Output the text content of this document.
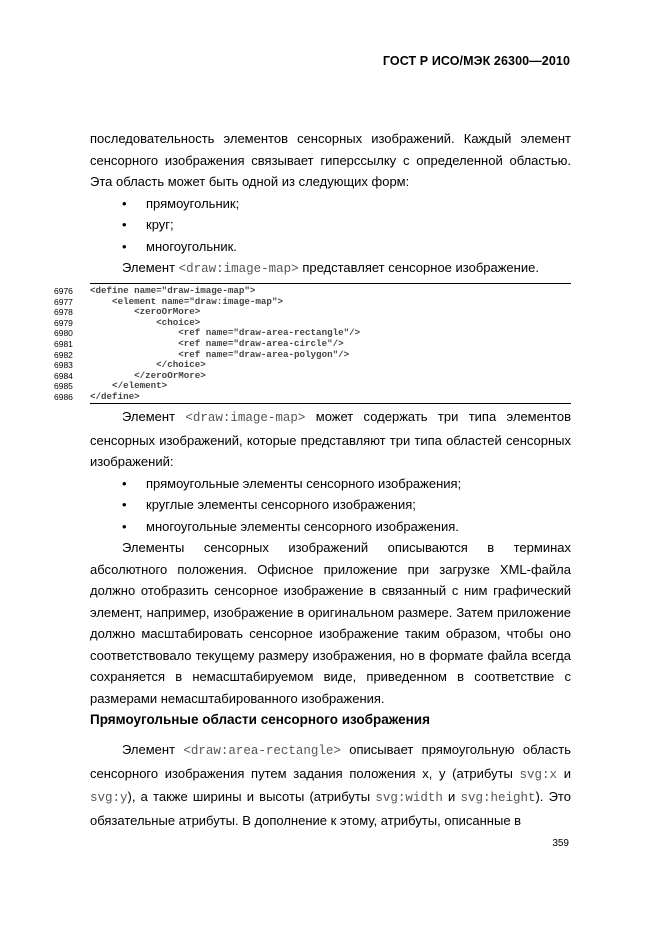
ГОСТ Р ИСО/МЭК 26300—2010

последовательность элементов сенсорных изображений. Каждый элемент сенсорного изображения связывает гиперссылку с определенной областью. Эта область может быть одной из следующих форм:

• прямоугольник;
• круг;
• многоугольник.

Элемент <draw:image-map> представляет сенсорное изображение.

6976	<define name="draw-image-map">
6977	<element name="draw:image-map">
6978	<zeroOrMore>
6979	<choice>
6980	<ref name="draw-area-rectangle"/>
6981	<ref name="draw-area-circle"/>
6982	<ref name="draw-area-polygon"/>
6983	</choice>
6984	</zeroOrMore>
6985	</element>
6986	</define>

Элемент <draw:image-map> может содержать три типа элементов сенсорных изображений, которые представляют три типа областей сенсорных изображений:

• прямоугольные элементы сенсорного изображения;
• круглые элементы сенсорного изображения;
• многоугольные элементы сенсорного изображения.

Элементы сенсорных изображений описываются в терминах абсолютного положения. Офисное приложение при загрузке XML-файла должно отобразить сенсорное изображение в связанный с ним графический элемент, например, изображение в оригинальном размере. Затем приложение должно масштабировать сенсорное изображение таким образом, чтобы оно соответствовало текущему размеру изображения, но в формате файла всегда сохраняется в немасштабируемом виде, приведенном в соответствие с размерами немасштабированного изображения.

Прямоугольные области сенсорного изображения

Элемент <draw:area-rectangle> описывает прямоугольную область сенсорного изображения путем задания положения x, y (атрибуты svg:x и svg:y), а также ширины и высоты (атрибуты svg:width и svg:height). Это обязательные атрибуты. В дополнение к этому, атрибуты, описанные в

359
